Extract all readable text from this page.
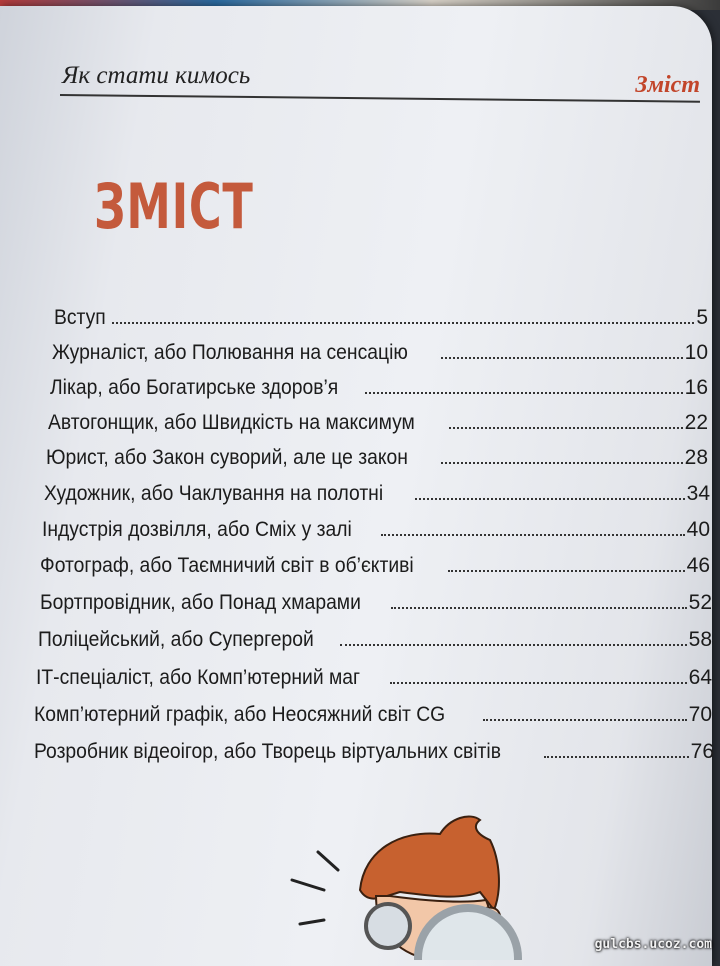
Як стати кимось	Зміст
ЗМІСТ
Вступ	5
Журналіст, або Полювання на сенсацію	10
Лікар, або Богатирське здоров’я	16
Автогонщик, або Швидкість на максимум	22
Юрист, або Закон суворий, але це закон	28
Художник, або Чаклування на полотні	34
Індустрія дозвілля, або Сміх у залі	40
Фотограф, або Таємничий світ в об’єктиві	46
Бортпровідник, або Понад хмарами	52
Поліцейський, або Супергерой	58
ІТ-спеціаліст, або Комп’ютерний маг	64
Комп’ютерний графік, або Неосяжний світ CG	70
Розробник відеоігор, або Творець віртуальних світів	76
gulcbs.ucoz.com
